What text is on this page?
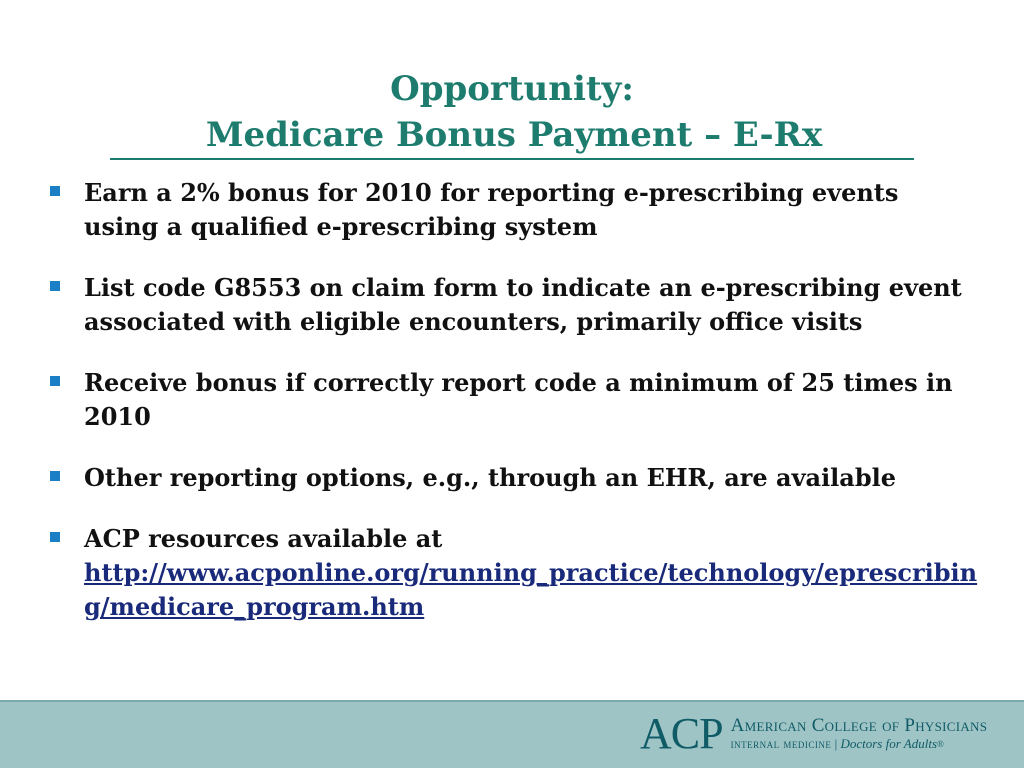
Opportunity:
Medicare Bonus Payment – E-Rx
Earn a 2% bonus for 2010 for reporting e-prescribing events using a qualified e-prescribing system
List code G8553 on claim form to indicate an e-prescribing event associated with eligible encounters, primarily office visits
Receive bonus if correctly report code a minimum of 25 times in 2010
Other reporting options, e.g., through an EHR, are available
ACP resources available at
http://www.acponline.org/running_practice/technology/eprescribing/medicare_program.htm
ACP American College of Physicians
internal medicine | Doctors for Adults®
